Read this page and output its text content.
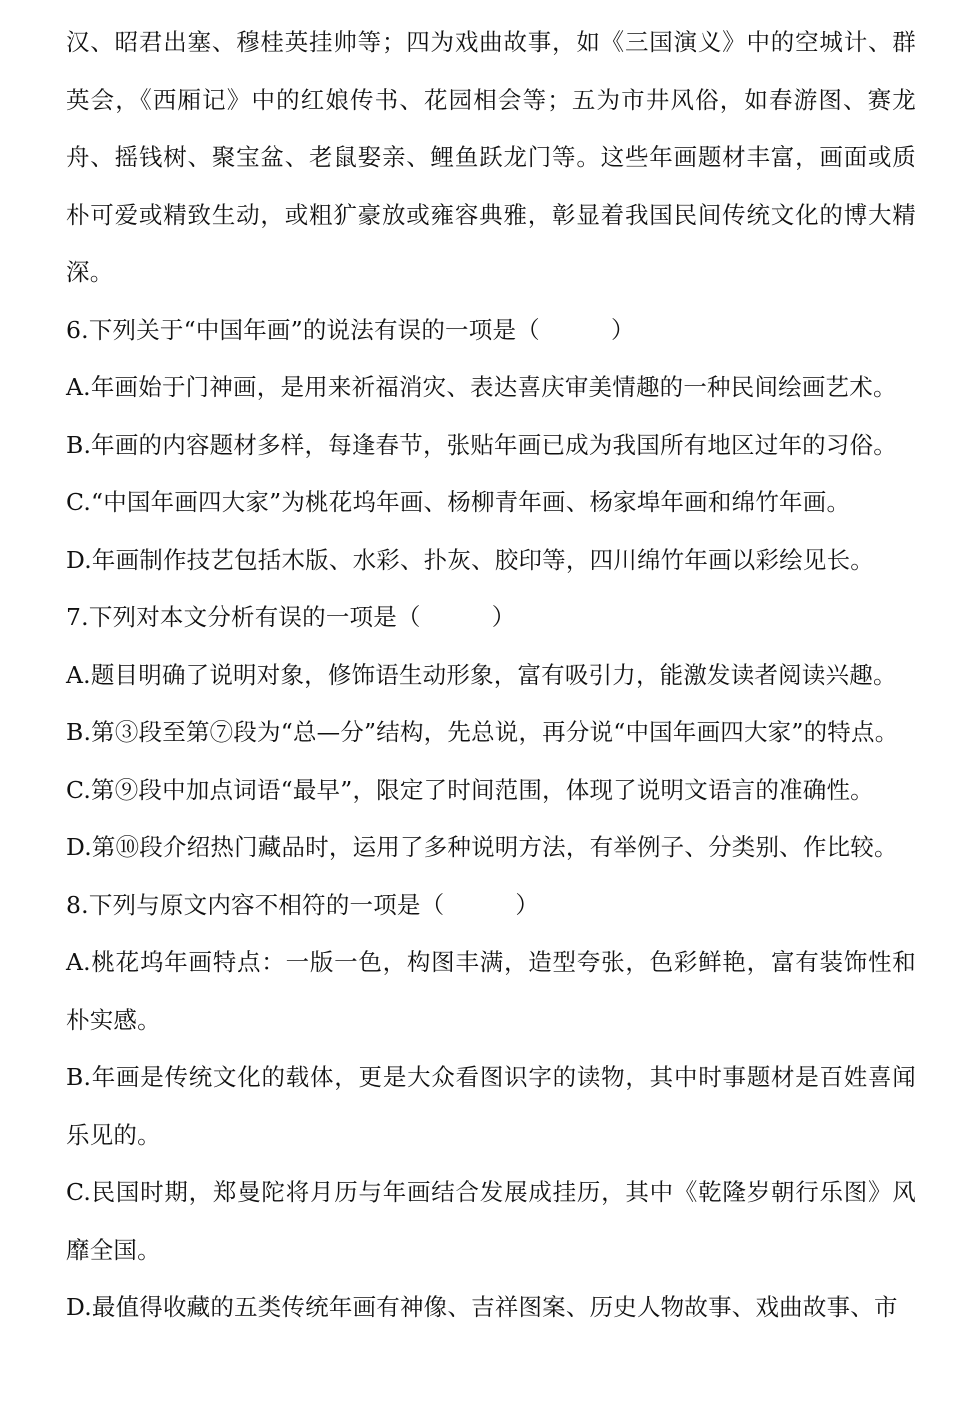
汉、昭君出塞、穆桂英挂帅等；四为戏曲故事，如《三国演义》中的空城计、群英会，《西厢记》中的红娘传书、花园相会等；五为市井风俗，如春游图、赛龙舟、摇钱树、聚宝盆、老鼠娶亲、鲤鱼跃龙门等。这些年画题材丰富，画面或质朴可爱或精致生动，或粗犷豪放或雍容典雅，彰显着我国民间传统文化的博大精深。

6.下列关于“中国年画”的说法有误的一项是（　　　）

A.年画始于门神画，是用来祈福消灾、表达喜庆审美情趣的一种民间绘画艺术。

B.年画的内容题材多样，每逢春节，张贴年画已成为我国所有地区过年的习俗。

C.“中国年画四大家”为桃花坞年画、杨柳青年画、杨家埠年画和绵竹年画。

D.年画制作技艺包括木版、水彩、扑灰、胶印等，四川绵竹年画以彩绘见长。

7.下列对本文分析有误的一项是（　　　）

A.题目明确了说明对象，修饰语生动形象，富有吸引力，能激发读者阅读兴趣。

B.第③段至第⑦段为“总—分”结构，先总说，再分说“中国年画四大家”的特点。

C.第⑨段中加点词语“最早”，限定了时间范围，体现了说明文语言的准确性。

D.第⑩段介绍热门藏品时，运用了多种说明方法，有举例子、分类别、作比较。

8.下列与原文内容不相符的一项是（　　　）

A.桃花坞年画特点：一版一色，构图丰满，造型夸张，色彩鲜艳，富有装饰性和朴实感。

B.年画是传统文化的载体，更是大众看图识字的读物，其中时事题材是百姓喜闻乐见的。

C.民国时期，郑曼陀将月历与年画结合发展成挂历，其中《乾隆岁朝行乐图》风靡全国。

D.最值得收藏的五类传统年画有神像、吉祥图案、历史人物故事、戏曲故事、市
